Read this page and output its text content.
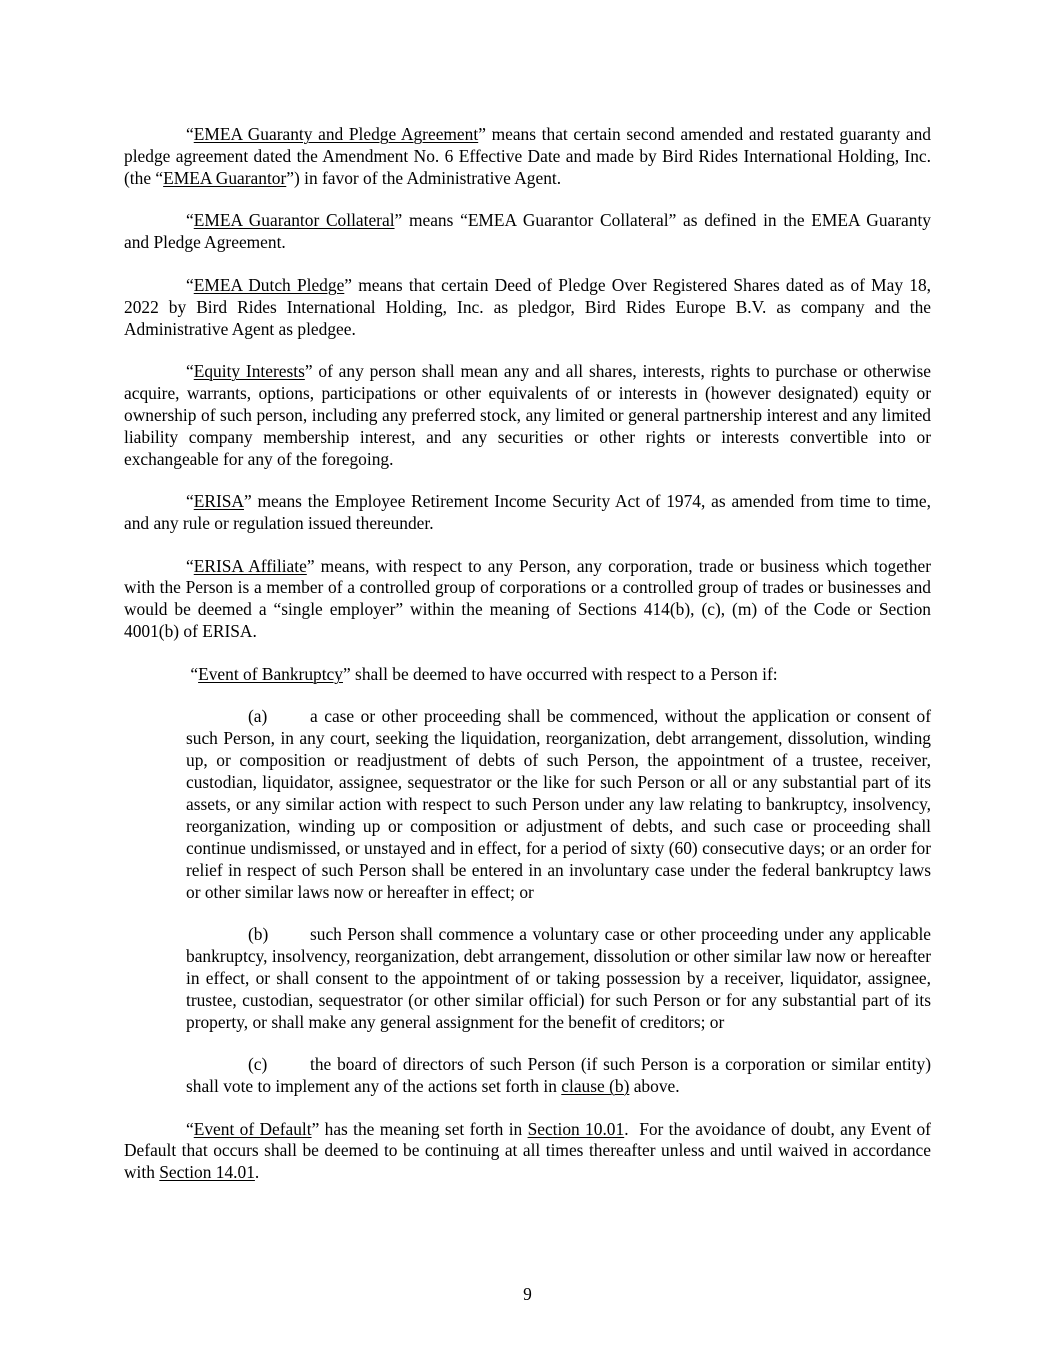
“EMEA Guaranty and Pledge Agreement” means that certain second amended and restated guaranty and pledge agreement dated the Amendment No. 6 Effective Date and made by Bird Rides International Holding, Inc. (the “EMEA Guarantor”) in favor of the Administrative Agent.

“EMEA Guarantor Collateral” means “EMEA Guarantor Collateral” as defined in the EMEA Guaranty and Pledge Agreement.

“EMEA Dutch Pledge” means that certain Deed of Pledge Over Registered Shares dated as of May 18, 2022 by Bird Rides International Holding, Inc. as pledgor, Bird Rides Europe B.V. as company and the Administrative Agent as pledgee.

“Equity Interests” of any person shall mean any and all shares, interests, rights to purchase or otherwise acquire, warrants, options, participations or other equivalents of or interests in (however designated) equity or ownership of such person, including any preferred stock, any limited or general partnership interest and any limited liability company membership interest, and any securities or other rights or interests convertible into or exchangeable for any of the foregoing.

“ERISA” means the Employee Retirement Income Security Act of 1974, as amended from time to time, and any rule or regulation issued thereunder.

“ERISA Affiliate” means, with respect to any Person, any corporation, trade or business which together with the Person is a member of a controlled group of corporations or a controlled group of trades or businesses and would be deemed a “single employer” within the meaning of Sections 414(b), (c), (m) of the Code or Section 4001(b) of ERISA.

“Event of Bankruptcy” shall be deemed to have occurred with respect to a Person if:

(a) a case or other proceeding shall be commenced, without the application or consent of such Person, in any court, seeking the liquidation, reorganization, debt arrangement, dissolution, winding up, or composition or readjustment of debts of such Person, the appointment of a trustee, receiver, custodian, liquidator, assignee, sequestrator or the like for such Person or all or any substantial part of its assets, or any similar action with respect to such Person under any law relating to bankruptcy, insolvency, reorganization, winding up or composition or adjustment of debts, and such case or proceeding shall continue undismissed, or unstayed and in effect, for a period of sixty (60) consecutive days; or an order for relief in respect of such Person shall be entered in an involuntary case under the federal bankruptcy laws or other similar laws now or hereafter in effect; or

(b) such Person shall commence a voluntary case or other proceeding under any applicable bankruptcy, insolvency, reorganization, debt arrangement, dissolution or other similar law now or hereafter in effect, or shall consent to the appointment of or taking possession by a receiver, liquidator, assignee, trustee, custodian, sequestrator (or other similar official) for such Person or for any substantial part of its property, or shall make any general assignment for the benefit of creditors; or

(c) the board of directors of such Person (if such Person is a corporation or similar entity) shall vote to implement any of the actions set forth in clause (b) above.

“Event of Default” has the meaning set forth in Section 10.01.  For the avoidance of doubt, any Event of Default that occurs shall be deemed to be continuing at all times thereafter unless and until waived in accordance with Section 14.01.

9
